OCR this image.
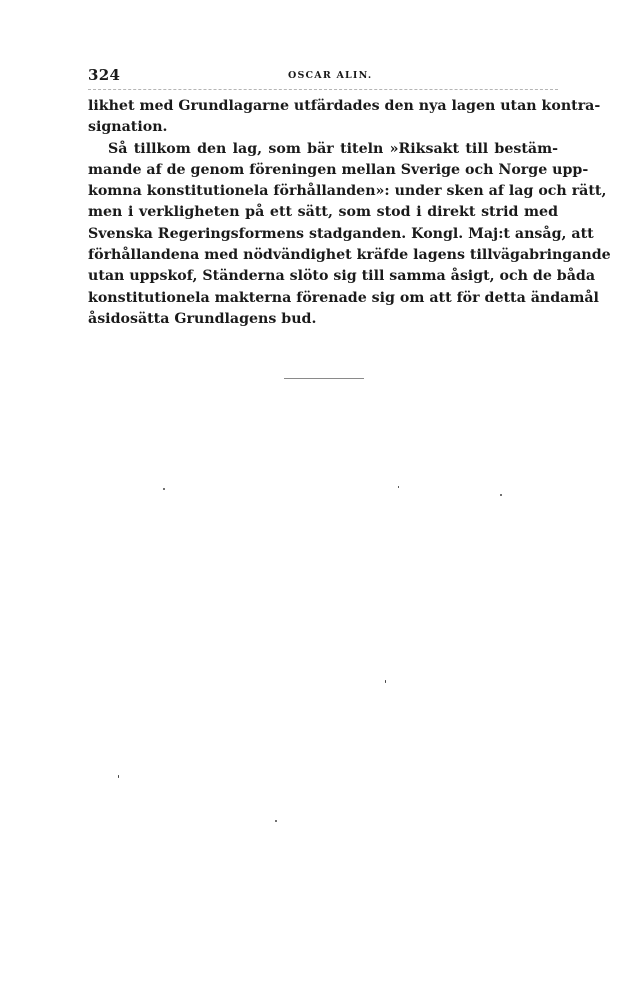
324	OSCAR ALIN.
likhet med Grundlagarne utfärdades den nya lagen utan kontra-
signation.
Så tillkom den lag, som bär titeln »Riksakt till bestäm-
mande af de genom föreningen mellan Sverige och Norge upp-
komna konstitutionela förhållanden»: under sken af lag och rätt,
men i verkligheten på ett sätt, som stod i direkt strid med
Svenska Regeringsformens stadganden. Kongl. Maj:t ansåg, att
förhållandena med nödvändighet kräfde lagens tillvägabringande
utan uppskof, Ständerna slöto sig till samma åsigt, och de båda
konstitutionela makterna förenade sig om att för detta ändamål
åsidosätta Grundlagens bud.
